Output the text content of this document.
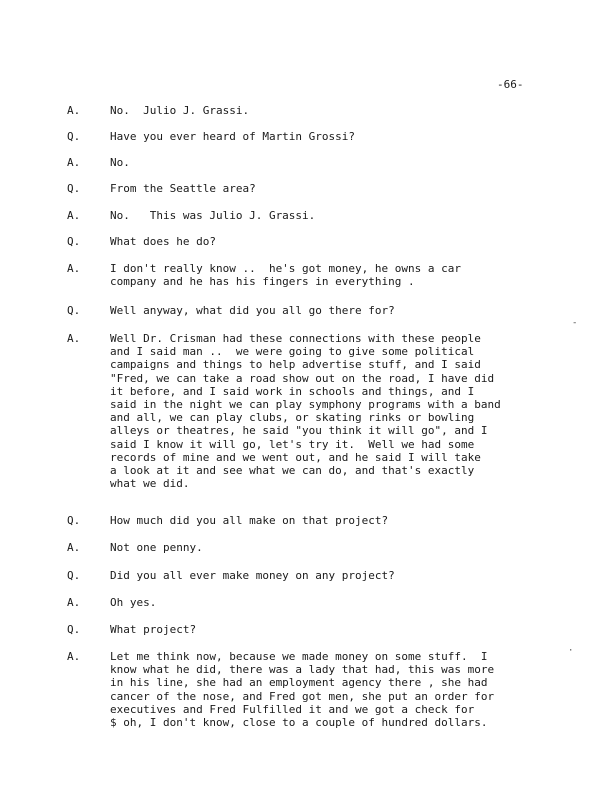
-66-
A.	No.  Julio J. Grassi.
Q.	Have you ever heard of Martin Grossi?
A.	No.
Q.	From the Seattle area?
A.	No.   This was Julio J. Grassi.
Q.	What does he do?
A.	I don't really know ..  he's got money, he owns a car
company and he has his fingers in everything .
Q.	Well anyway, what did you all go there for?
A.	Well Dr. Crisman had these connections with these people
and I said man ..  we were going to give some political
campaigns and things to help advertise stuff, and I said
"Fred, we can take a road show out on the road, I have did
it before, and I said work in schools and things, and I
said in the night we can play symphony programs with a band
and all, we can play clubs, or skating rinks or bowling
alleys or theatres, he said "you think it will go", and I
said I know it will go, let's try it.  Well we had some
records of mine and we went out, and he said I will take
a look at it and see what we can do, and that's exactly
what we did.
Q.	How much did you all make on that project?
A.	Not one penny.
Q.	Did you all ever make money on any project?
A.	Oh yes.
Q.	What project?
A.	Let me think now, because we made money on some stuff.  I
know what he did, there was a lady that had, this was more
in his line, she had an employment agency there , she had
cancer of the nose, and Fred got men, she put an order for
executives and Fred Fulfilled it and we got a check for
$ oh, I don't know, close to a couple of hundred dollars.
-
·
